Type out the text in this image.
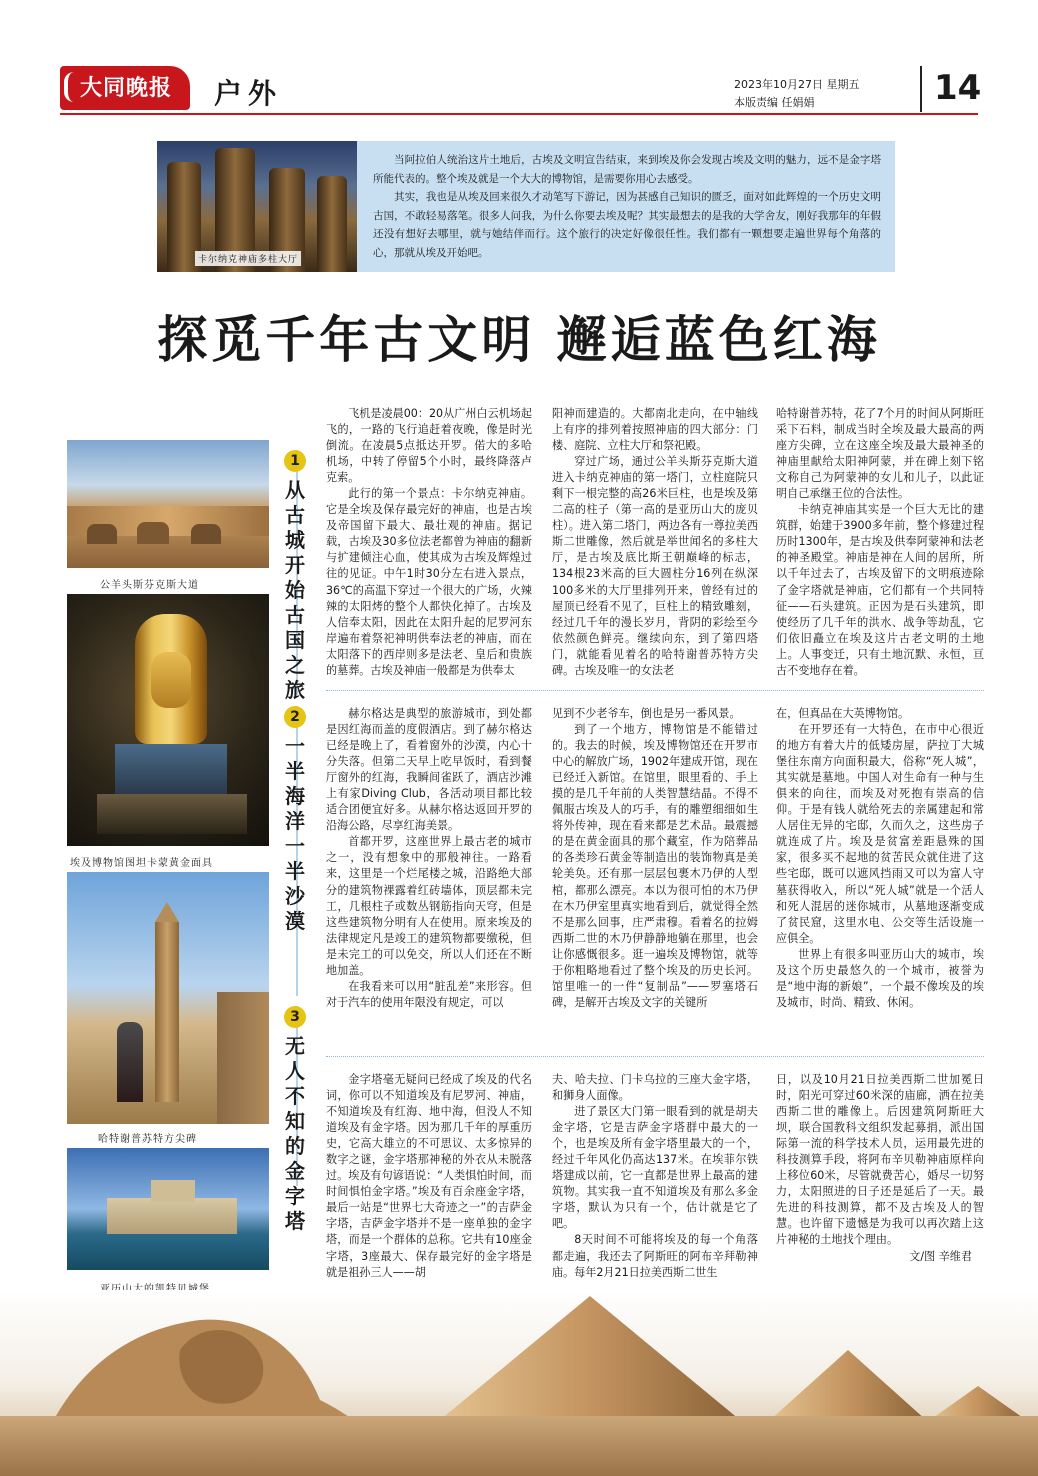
大同晚报	户外	2023年10月27日 星期五
本版责编 任娟娟	14
卡尔纳克神庙多柱大厅

当阿拉伯人统治这片土地后，古埃及文明宣告结束，来到埃及你会发现古埃及文明的魅力，远不是金字塔所能代表的。整个埃及就是一个大大的博物馆，是需要你用心去感受。

其实，我也是从埃及回来很久才动笔写下游记，因为甚感自己知识的匮乏，面对如此辉煌的一个历史文明古国，不敢轻易落笔。很多人问我，为什么你要去埃及呢？其实最想去的是我的大学舍友，刚好我那年的年假还没有想好去哪里，就与她结伴而行。这个旅行的决定好像很任性。我们都有一颗想要走遍世界每个角落的心，那就从埃及开始吧。

探觅千年古文明 邂逅蓝色红海
公羊头斯芬克斯大道
埃及博物馆图坦卡蒙黄金面具
哈特谢普苏特方尖碑
1
从古城开始古国之旅
2
一半海洋一半沙漠
3
无人不知的金字塔

飞机是凌晨00：20从广州白云机场起飞的，一路的飞行追赶着夜晚，像是时光倒流。在凌晨5点抵达开罗。偌大的多哈机场，中转了停留5个小时，最终降落卢克索。

此行的第一个景点：卡尔纳克神庙。它是全埃及保存最完好的神庙，也是古埃及帝国留下最大、最壮观的神庙。据记载，古埃及30多位法老都曾为神庙的翻新与扩建倾注心血，使其成为古埃及辉煌过往的见证。中午1时30分左右进入景点，36℃的高温下穿过一个很大的广场，火辣辣的太阳烤的整个人都快化掉了。古埃及人信奉太阳，因此在太阳升起的尼罗河东岸遍布着祭祀神明供奉法老的神庙，而在太阳落下的西岸则多是法老、皇后和贵族的墓葬。古埃及神庙一般都是为供奉太

阳神而建造的。大都南北走向，在中轴线上有序的排列着按照神庙的四大部分：门楼、庭院、立柱大厅和祭祀殿。

穿过广场，通过公羊头斯芬克斯大道进入卡纳克神庙的第一塔门，立柱庭院只剩下一根完整的高26米巨柱，也是埃及第二高的柱子（第一高的是亚历山大的庞贝柱）。进入第二塔门，两边各有一尊拉美西斯二世雕像，然后就是举世闻名的多柱大厅，是古埃及底比斯王朝巅峰的标志，134根23米高的巨大圆柱分16列在纵深100多米的大厅里排列开来，曾经有过的屋顶已经看不见了，巨柱上的精致雕刻，经过几千年的漫长岁月，背阴的彩绘至今依然颜色鲜亮。继续向东，到了第四塔门，就能看见着名的哈特谢普苏特方尖碑。古埃及唯一的女法老

哈特谢普苏特，花了7个月的时间从阿斯旺采下石料，制成当时全埃及最大最高的两座方尖碑，立在这座全埃及最大最神圣的神庙里献给太阳神阿蒙，并在碑上刻下铭文称自己为阿蒙神的女儿和儿子，以此证明自己承继王位的合法性。

卡纳克神庙其实是一个巨大无比的建筑群，始建于3900多年前，整个修建过程历时1300年，是古埃及供奉阿蒙神和法老的神圣殿堂。神庙是神在人间的居所，所以千年过去了，古埃及留下的文明痕迹除了金字塔就是神庙，它们都有一个共同特征——石头建筑。正因为是石头建筑，即使经历了几千年的洪水、战争等劫乱，它们依旧矗立在埃及这片古老文明的土地上。人事变迁，只有土地沉默、永恒，亘古不变地存在着。

赫尔格达是典型的旅游城市，到处都是因红海而盖的度假酒店。到了赫尔格达已经是晚上了，看着窗外的沙漠，内心十分失落。但第二天早上吃早饭时，看到餐厅窗外的红海，我瞬间雀跃了，酒店沙滩上有家Diving Club，各活动项目都比较适合团便宜好多。从赫尔格达返回开罗的沿海公路，尽享红海美景。

首都开罗，这座世界上最古老的城市之一，没有想象中的那般神往。一路看来，这里是一个烂尾楼之城，沿路绝大部分的建筑物裸露着红砖墙体，顶层都未完工，几根柱子或数丛钢筋指向天穹，但是这些建筑物分明有人在使用。原来埃及的法律规定凡是竣工的建筑物都要缴税，但是未完工的可以免交，所以人们还在不断地加盖。

在我看来可以用“脏乱差”来形容。但对于汽车的使用年限没有规定，可以

见到不少老爷车，倒也是另一番风景。

到了一个地方，博物馆是不能错过的。我去的时候，埃及博物馆还在开罗市中心的解放广场，1902年建成开馆，现在已经迁入新馆。在馆里，眼里看的、手上摸的是几千年前的人类智慧结晶。不得不佩服古埃及人的巧手，有的雕塑细细如生将外传神，现在看来都是艺术品。最震撼的是在黄金面具的那个藏室，作为陪葬品的各类珍石黄金等制造出的装饰物真是美轮美奂。还有那一层层包裹木乃伊的人型棺，都那么漂亮。本以为很可怕的木乃伊在木乃伊室里真实地看到后，就觉得全然不是那么回事，庄严肃穆。看着名的拉姆西斯二世的木乃伊静静地躺在那里，也会让你感慨很多。逛一遍埃及博物馆，就等于你粗略地看过了整个埃及的历史长河。馆里唯一的一件“复制品”——罗塞塔石碑，是解开古埃及文字的关键所

在，但真品在大英博物馆。

在开罗还有一大特色，在市中心很近的地方有着大片的低矮房屋，萨拉丁大城堡往东南方向面积最大，俗称“死人城”，其实就是墓地。中国人对生命有一种与生俱来的向往，而埃及对死抱有崇高的信仰。于是有钱人就给死去的亲属建起和常人居住无异的宅邸，久而久之，这些房子就连成了片。埃及是贫富差距悬殊的国家，很多买不起地的贫苦民众就住进了这些宅邸，既可以遮风挡雨又可以为富人守墓获得收入，所以“死人城”就是一个活人和死人混居的迷你城市，从墓地逐渐变成了贫民窟，这里水电、公交等生活设施一应俱全。

世界上有很多叫亚历山大的城市，埃及这个历史最悠久的一个城市，被誉为是“地中海的新娘”，一个最不像埃及的埃及城市，时尚、精致、休闲。

金字塔毫无疑问已经成了埃及的代名词，你可以不知道埃及有尼罗河、神庙，不知道埃及有红海、地中海，但没人不知道埃及有金字塔。因为那几千年的厚重历史，它高大雄立的不可思议、太多惊异的数字之谜，金字塔那神秘的外衣从未脱落过。埃及有句谚语说：“人类惧怕时间，而时间惧怕金字塔。”埃及有百余座金字塔，最后一站是“世界七大奇迹之一”的吉萨金字塔，吉萨金字塔并不是一座单独的金字塔，而是一个群体的总称。它共有10座金字塔，3座最大、保存最完好的金字塔是就是祖孙三人——胡

夫、哈夫拉、门卡乌拉的三座大金字塔，和狮身人面像。

进了景区大门第一眼看到的就是胡夫金字塔，它是吉萨金字塔群中最大的一个，也是埃及所有金字塔里最大的一个，经过千年风化仍高达137米。在埃菲尔铁塔建成以前，它一直都是世界上最高的建筑物。其实我一直不知道埃及有那么多金字塔，默认为只有一个，估计就是它了吧。

8天时间不可能将埃及的每一个角落都走遍，我还去了阿斯旺的阿布辛拜勒神庙。每年2月21日拉美西斯二世生

日，以及10月21日拉美西斯二世加冕日时，阳光可穿过60米深的庙廊，洒在拉美西斯二世的雕像上。后因建筑阿斯旺大坝，联合国教科文组织发起募捐，派出国际第一流的科学技术人员，运用最先进的科技测算手段，将阿布辛贝勒神庙原样向上移位60米，尽管就费苦心，婚尽一切努力，太阳照进的日子还是延后了一天。最先进的科技测算，都不及古埃及人的智慧。也许留下遗憾是为我可以再次踏上这片神秘的土地找个理由。

文/图 辛维君
